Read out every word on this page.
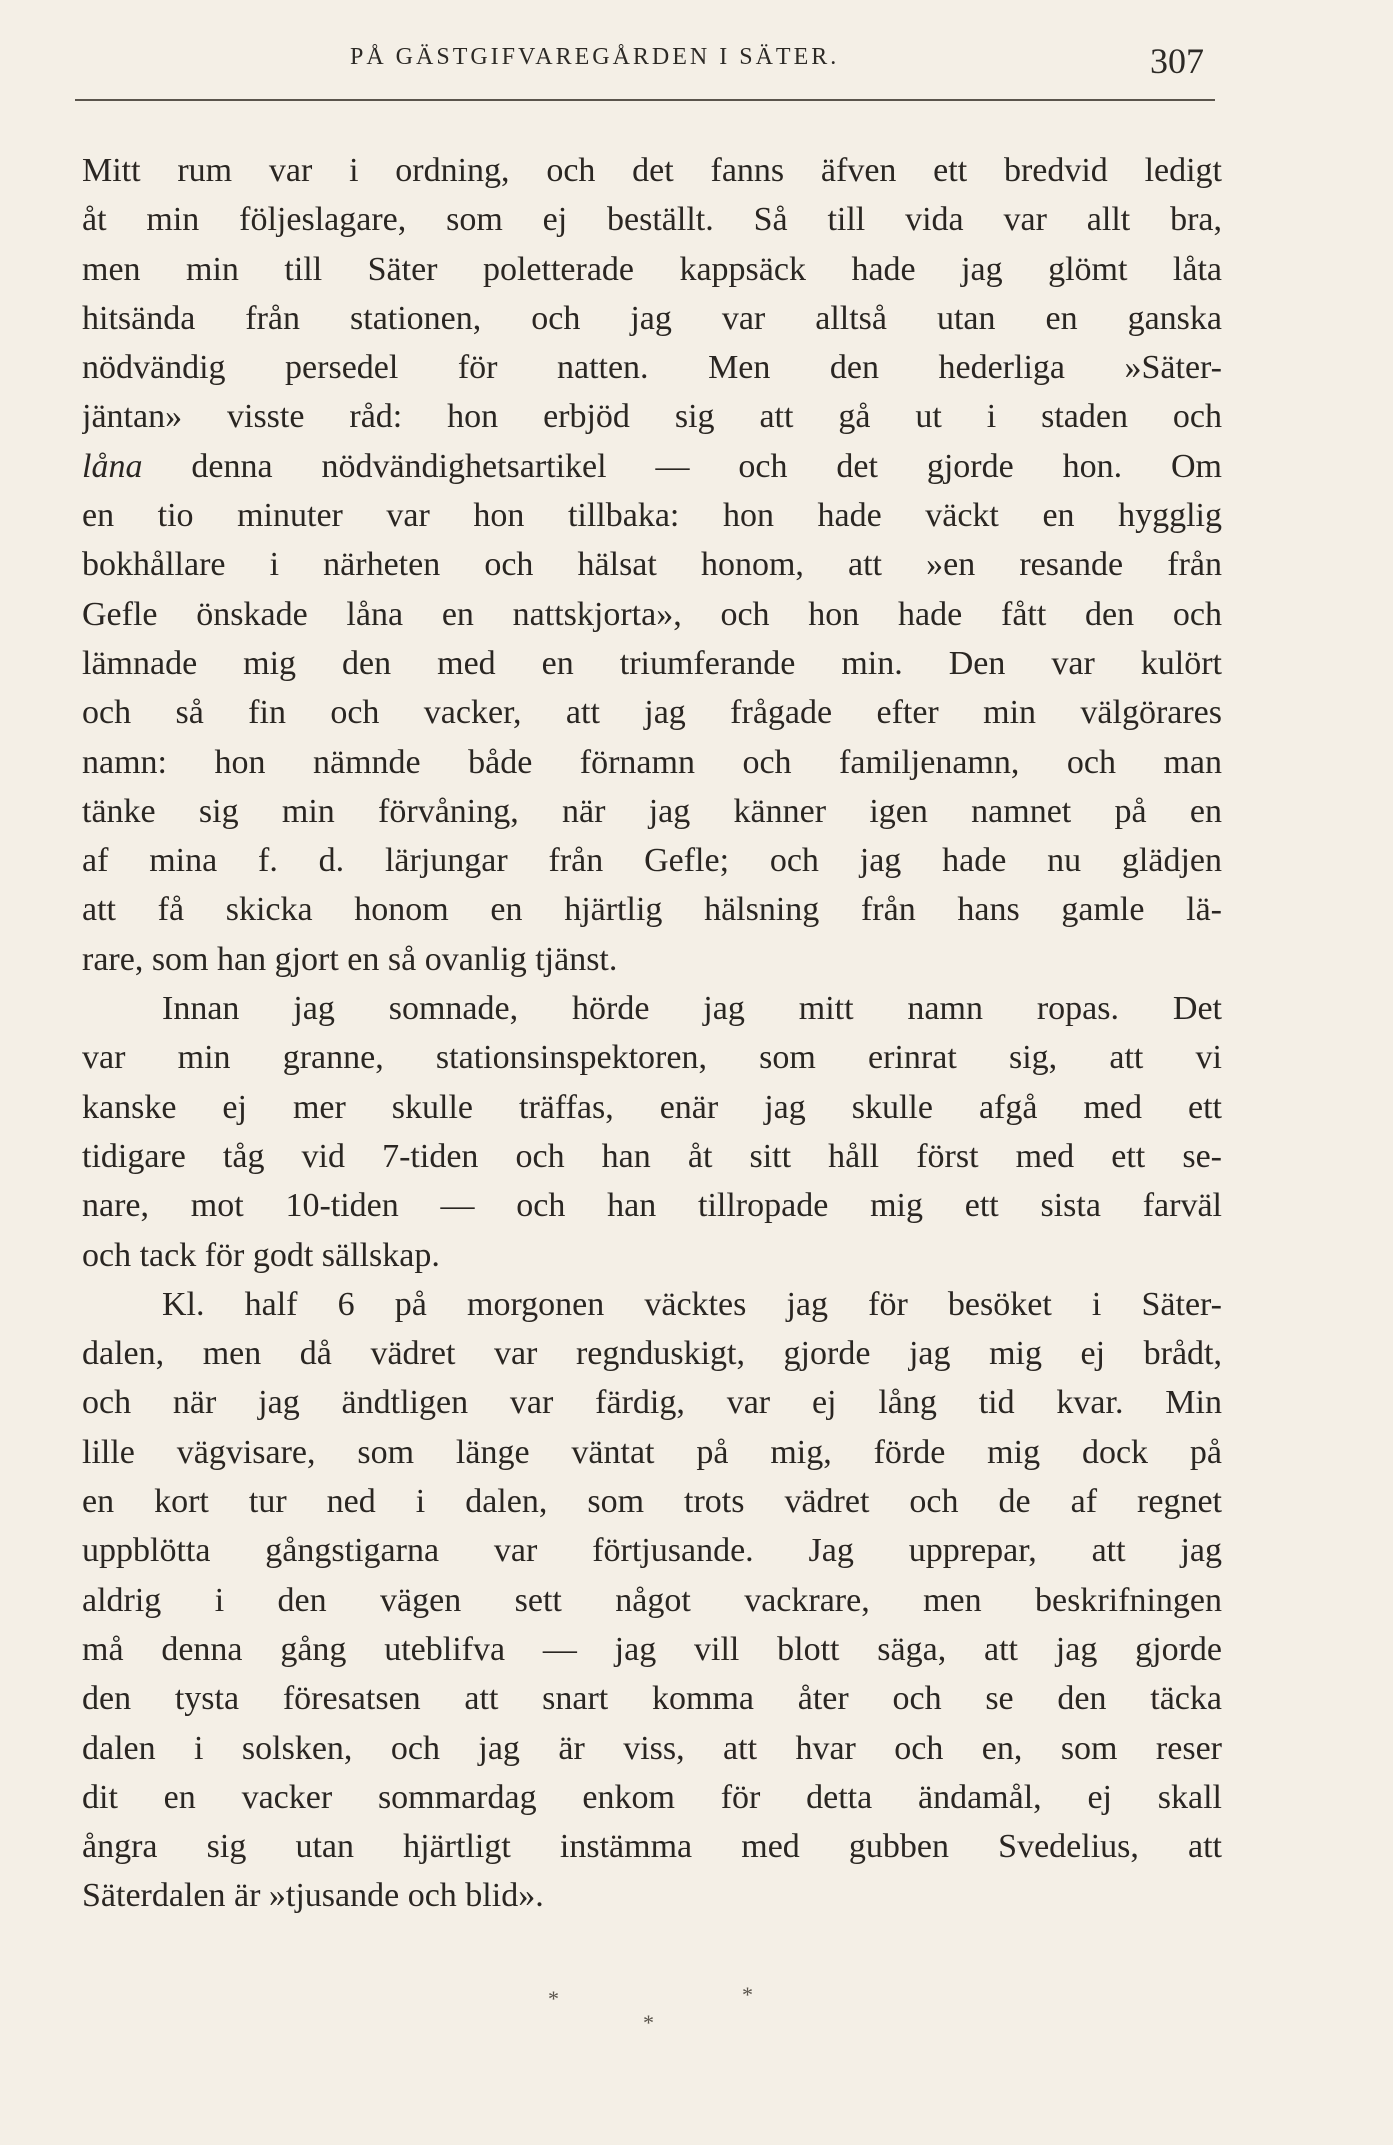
PÅ GÄSTGIFVAREGÅRDEN I SÄTER.	307
Mitt rum var i ordning, och det fanns äfven ett bredvid ledigt
åt min följeslagare, som ej beställt. Så till vida var allt bra,
men min till Säter poletterade kappsäck hade jag glömt låta
hitsända från stationen, och jag var alltså utan en ganska
nödvändig persedel för natten. Men den hederliga »Säter-
jäntan» visste råd: hon erbjöd sig att gå ut i staden och
låna denna nödvändighetsartikel — och det gjorde hon. Om
en tio minuter var hon tillbaka: hon hade väckt en hygglig
bokhållare i närheten och hälsat honom, att »en resande från
Gefle önskade låna en nattskjorta», och hon hade fått den och
lämnade mig den med en triumferande min. Den var kulört
och så fin och vacker, att jag frågade efter min välgörares
namn: hon nämnde både förnamn och familjenamn, och man
tänke sig min förvåning, när jag känner igen namnet på en
af mina f. d. lärjungar från Gefle; och jag hade nu glädjen
att få skicka honom en hjärtlig hälsning från hans gamle lä-
rare, som han gjort en så ovanlig tjänst.
Innan jag somnade, hörde jag mitt namn ropas. Det
var min granne, stationsinspektoren, som erinrat sig, att vi
kanske ej mer skulle träffas, enär jag skulle afgå med ett
tidigare tåg vid 7-tiden och han åt sitt håll först med ett se-
nare, mot 10-tiden — och han tillropade mig ett sista farväl
och tack för godt sällskap.
Kl. half 6 på morgonen väcktes jag för besöket i Säter-
dalen, men då vädret var regnduskigt, gjorde jag mig ej brådt,
och när jag ändtligen var färdig, var ej lång tid kvar. Min
lille vägvisare, som länge väntat på mig, förde mig dock på
en kort tur ned i dalen, som trots vädret och de af regnet
uppblötta gångstigarna var förtjusande. Jag upprepar, att jag
aldrig i den vägen sett något vackrare, men beskrifningen
må denna gång uteblifva — jag vill blott säga, att jag gjorde
den tysta föresatsen att snart komma åter och se den täcka
dalen i solsken, och jag är viss, att hvar och en, som reser
dit en vacker sommardag enkom för detta ändamål, ej skall
ångra sig utan hjärtligt instämma med gubben Svedelius, att
Säterdalen är »tjusande och blid».
*	*
*
